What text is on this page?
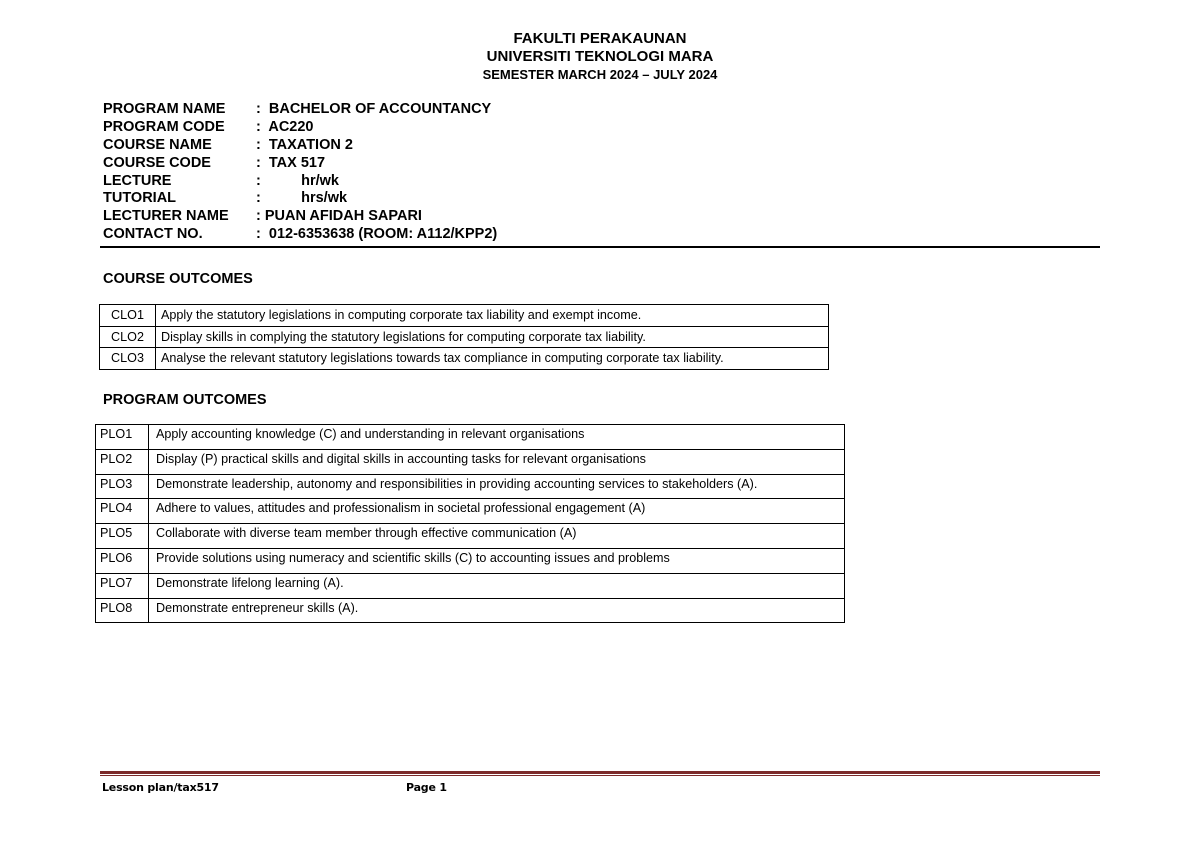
FAKULTI PERAKAUNAN
UNIVERSITI TEKNOLOGI MARA
SEMESTER MARCH 2024 – JULY 2024
PROGRAM NAME	:  BACHELOR OF ACCOUNTANCY
PROGRAM CODE	:  AC220
COURSE NAME	:  TAXATION 2
COURSE CODE	:  TAX 517
LECTURE	:          hr/wk
TUTORIAL	:          hrs/wk
LECTURER NAME	: PUAN AFIDAH SAPARI
CONTACT NO.	:  012-6353638 (ROOM: A112/KPP2)
COURSE OUTCOMES
CLO1	Apply the statutory legislations in computing corporate tax liability and exempt income.
CLO2	Display skills in complying the statutory legislations for computing corporate tax liability.
CLO3	Analyse the relevant statutory legislations towards tax compliance in computing corporate tax liability.
PROGRAM OUTCOMES
PLO1	Apply accounting knowledge (C) and understanding in relevant organisations
PLO2	Display (P) practical skills and digital skills in accounting tasks for relevant organisations
PLO3	Demonstrate leadership, autonomy and responsibilities in providing accounting services to stakeholders (A).
PLO4	Adhere to values, attitudes and professionalism in societal professional engagement (A)
PLO5	Collaborate with diverse team member through effective communication (A)
PLO6	Provide solutions using numeracy and scientific skills (C) to accounting issues and problems
PLO7	Demonstrate lifelong learning (A).
PLO8	Demonstrate entrepreneur skills (A).
Lesson plan/tax517	Page 1
